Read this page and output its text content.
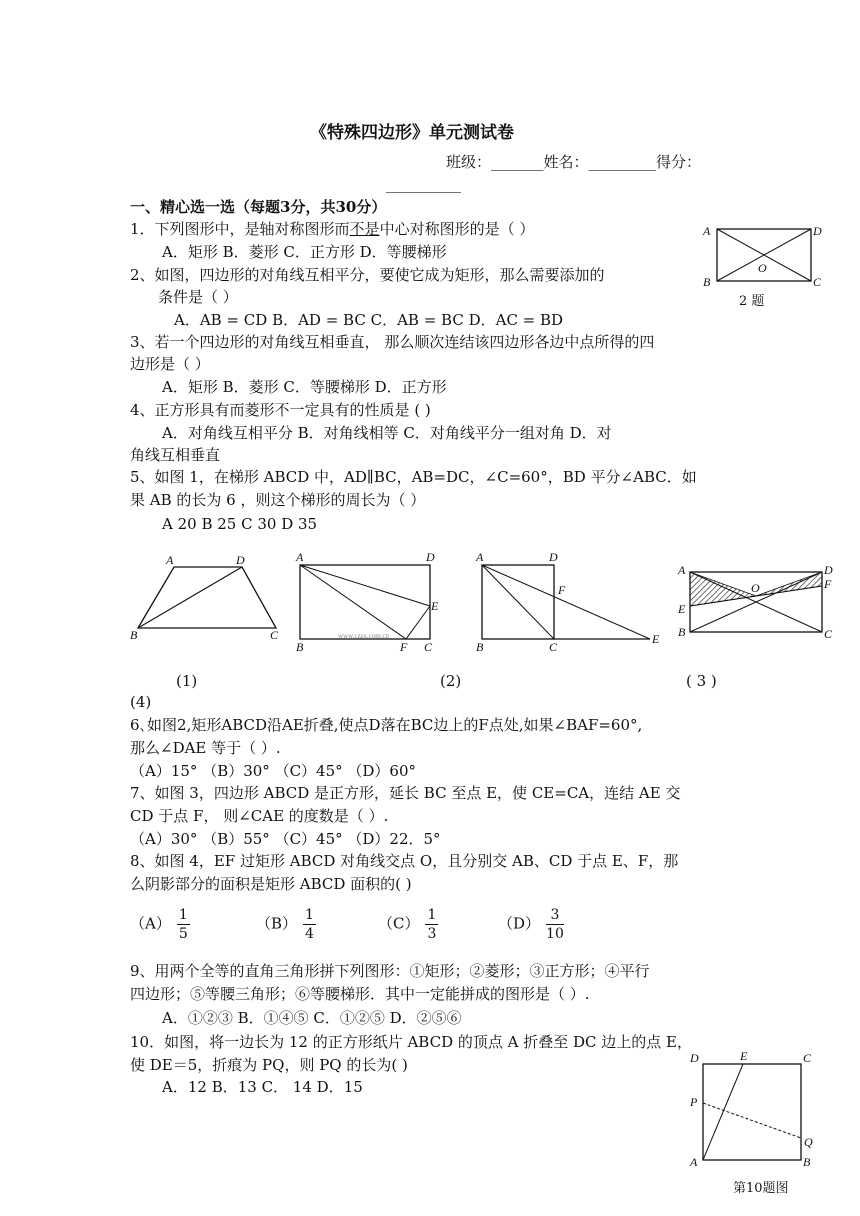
《特殊四边形》单元测试卷
班级：_______姓名：_________得分：
__________
一、精心选一选（每题3分，共30分）
1．下列图形中，是轴对称图形而不是中心对称图形的是（ ）
A．矩形 B．菱形 C．正方形 D．等腰梯形
2、如图，四边形的对角线互相平分，要使它成为矩形，那么需要添加的
条件是（ ）
A．AB = CD B．AD = BC C．AB = BC D．AC = BD
A	D
B	C
O
2 题
3、若一个四边形的对角线互相垂直， 那么顺次连结该四边形各边中点所得的四
边形是（ ）
A．矩形 B．菱形 C．等腰梯形 D．正方形
4、正方形具有而菱形不一定具有的性质是 ( )
A．对角线互相平分 B．对角线相等 C．对角线平分一组对角 D．对
角线互相垂直
5、如图 1，在梯形 ABCD 中，AD∥BC，AB=DC，∠C=60°，BD 平分∠ABC．如
果 AB 的长为 6 ，则这个梯形的周长为（ ）
A 20 B 25 C 30 D 35
A	D
B	C
A	D
E
B	F C
www.czsx.com.cn
A	D
F
B	C
E
A	D
E
F
O
B	C
(1)	(2)	( 3 )
(4)
6､如图2,矩形ABCD沿AE折叠,使点D落在BC边上的F点处,如果∠BAF=60°,
那么∠DAE 等于（ ）.
（A）15° （B）30° （C）45° （D）60°
7、如图 3，四边形 ABCD 是正方形，延长 BC 至点 E，使 CE=CA，连结 AE 交
CD 于点 F， 则∠CAE 的度数是（ ）.
（A）30° （B）55° （C）45° （D）22．5°
8、如图 4，EF 过矩形 ABCD 对角线交点 O，且分别交 AB、CD 于点 E、F，那
么阴影部分的面积是矩形 ABCD 面积的( )
$(A) \frac{1}{5}$	$(B) \frac{1}{4}$	$(C) \frac{1}{3}$	$(D) \frac{3}{10}$
9、用两个全等的直角三角形拼下列图形：①矩形；②菱形；③正方形；④平行
四边形；⑤等腰三角形；⑥等腰梯形．其中一定能拼成的图形是（ ）.
A．①②③ B．①④⑤ C．①②⑤ D．②⑤⑥
10．如图，将一边长为 12 的正方形纸片 ABCD 的顶点 A 折叠至 DC 边上的点 E，
使 DE＝5，折痕为 PQ，则 PQ 的长为( )
A．12 B．13 C． 14 D．15
D	E	C
P
Q
A	B
第10题图
